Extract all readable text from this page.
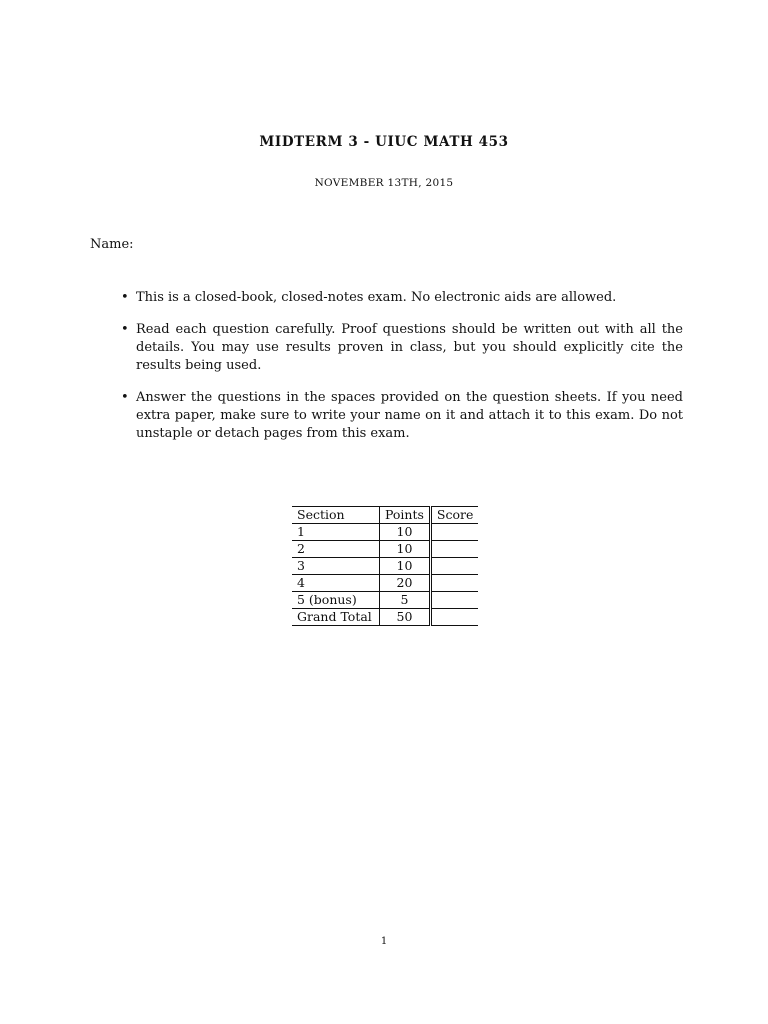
MIDTERM 3 - UIUC MATH 453
NOVEMBER 13TH, 2015
Name:
• This is a closed-book, closed-notes exam. No electronic aids are allowed.
• Read each question carefully. Proof questions should be written out with all the details. You may use results proven in class, but you should explicitly cite the results being used.
• Answer the questions in the spaces provided on the question sheets. If you need extra paper, make sure to write your name on it and attach it to this exam. Do not unstaple or detach pages from this exam.
Section	Points	Score
1	10	
2	10	
3	10	
4	20	
5 (bonus)	5	
Grand Total	50	
1
